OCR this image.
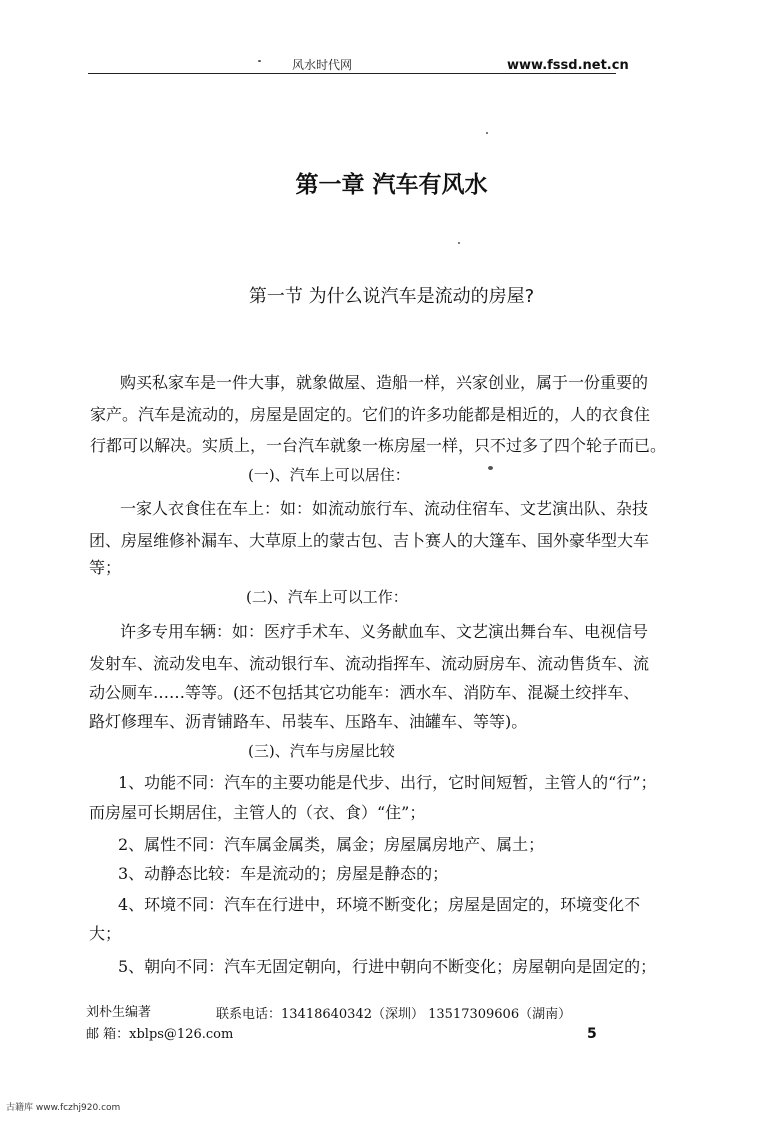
风水时代网	www.fssd.net.cn
第一章 汽车有风水
第一节 为什么说汽车是流动的房屋?
购买私家车是一件大事，就象做屋、造船一样，兴家创业，属于一份重要的
家产。汽车是流动的，房屋是固定的。它们的许多功能都是相近的，人的衣食住
行都可以解决。实质上，一台汽车就象一栋房屋一样，只不过多了四个轮子而已。
(一)、汽车上可以居住：
一家人衣食住在车上：如：如流动旅行车、流动住宿车、文艺演出队、杂技
团、房屋维修补漏车、大草原上的蒙古包、吉卜赛人的大篷车、国外豪华型大车
等；
(二)、汽车上可以工作：
许多专用车辆：如：医疗手术车、义务献血车、文艺演出舞台车、电视信号
发射车、流动发电车、流动银行车、流动指挥车、流动厨房车、流动售货车、流
动公厕车……等等。(还不包括其它功能车：洒水车、消防车、混凝土绞拌车、
路灯修理车、沥青铺路车、吊装车、压路车、油罐车、等等)。
(三)、汽车与房屋比较
1、功能不同：汽车的主要功能是代步、出行，它时间短暂，主管人的“行”；
而房屋可长期居住，主管人的（衣、食）“住”；
2、属性不同：汽车属金属类，属金；房屋属房地产、属土；
3、动静态比较：车是流动的；房屋是静态的；
4、环境不同：汽车在行进中，环境不断变化；房屋是固定的，环境变化不
大；
5、朝向不同：汽车无固定朝向，行进中朝向不断变化；房屋朝向是固定的；
刘朴生编著	联系电话：13418640342（深圳） 13517309606（湖南）
邮 箱：xblps@126.com	5
古籍库 www.fczhj920.com
